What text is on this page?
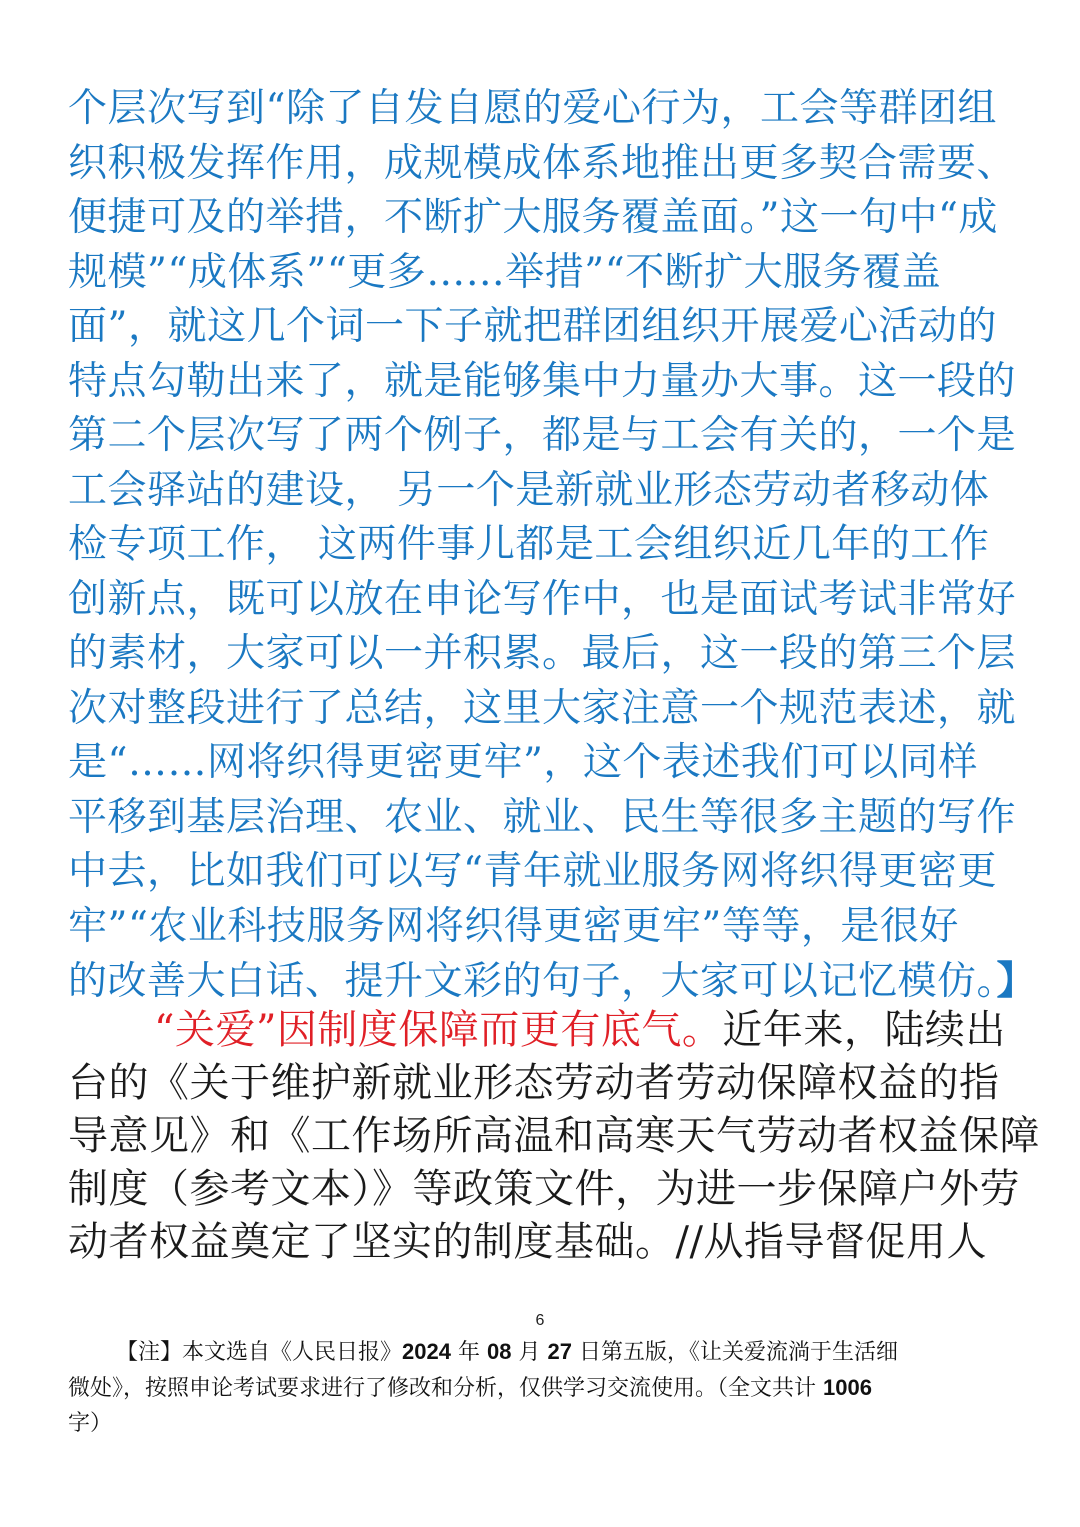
个层次写到“除了自发自愿的爱心行为，工会等群团组
织积极发挥作用，成规模成体系地推出更多契合需要、
便捷可及的举措，不断扩大服务覆盖面。”这一句中“成
规模”“成体系”“更多……举措”“不断扩大服务覆盖
面”，就这几个词一下子就把群团组织开展爱心活动的
特点勾勒出来了，就是能够集中力量办大事。这一段的
第二个层次写了两个例子，都是与工会有关的，一个是
工会驿站的建设， 另一个是新就业形态劳动者移动体
检专项工作， 这两件事儿都是工会组织近几年的工作
创新点，既可以放在申论写作中，也是面试考试非常好
的素材，大家可以一并积累。最后，这一段的第三个层
次对整段进行了总结，这里大家注意一个规范表述，就
是“……网将织得更密更牢”，这个表述我们可以同样
平移到基层治理、农业、就业、民生等很多主题的写作
中去，比如我们可以写“青年就业服务网将织得更密更
牢”“农业科技服务网将织得更密更牢”等等，是很好
的改善大白话、提升文彩的句子，大家可以记忆模仿。】
“关爱”因制度保障而更有底气。近年来，陆续出
台的《关于维护新就业形态劳动者劳动保障权益的指
导意见》和《工作场所高温和高寒天气劳动者权益保障
制度（参考文本）》等政策文件，为进一步保障户外劳
动者权益奠定了坚实的制度基础。//从指导督促用人
6
【注】本文选自《人民日报》2024 年 08 月 27 日第五版，《让关爱流淌于生活细
微处》，按照申论考试要求进行了修改和分析，仅供学习交流使用。（全文共计 1006
字）
